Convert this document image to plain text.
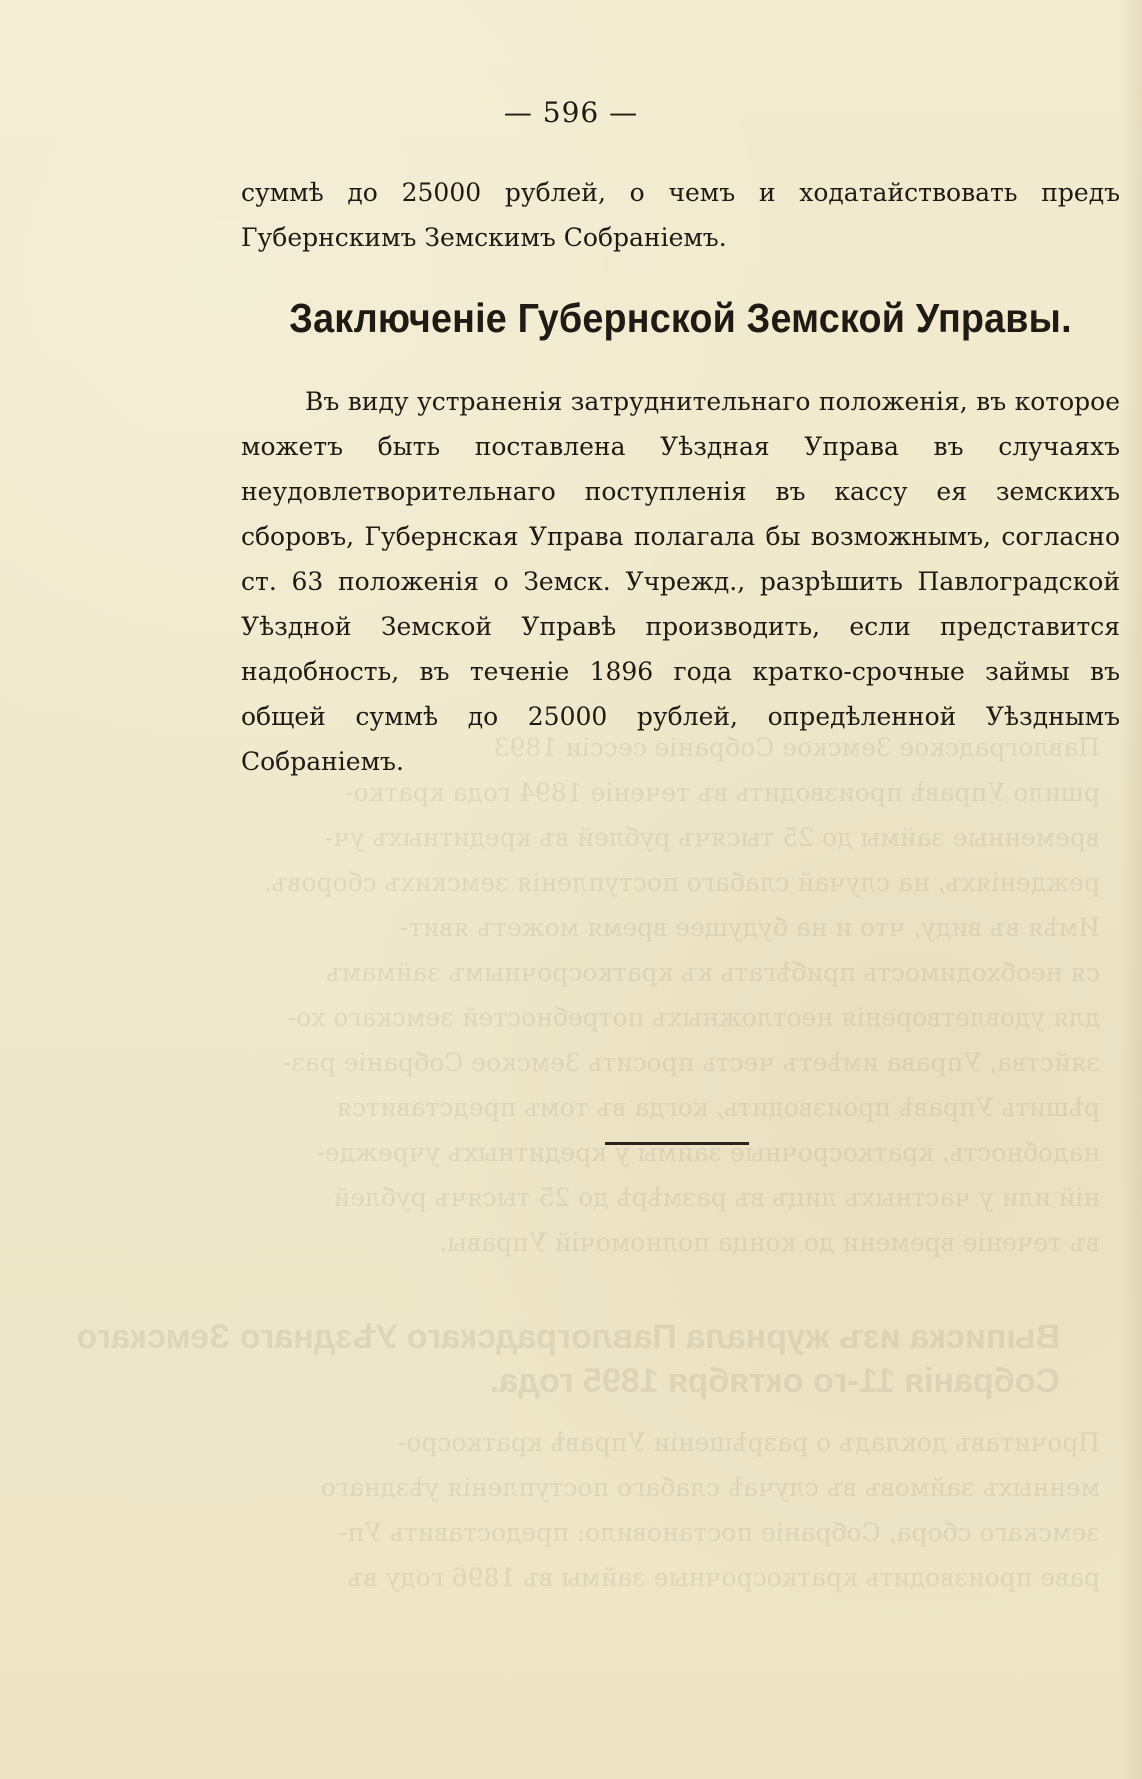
Павлоградское Земское Собраніе сессіи 1893
ршило Управѣ производить въ теченіе 1894 года кратко-
временные займы до 25 тысячъ рублей въ кредитныхъ уч-
режденіяхъ, на случай слабаго поступленія земскихъ сборовъ.
Имѣя въ виду, что и на будущее время можетъ явит-
ся необходимость прибѣгать къ краткосрочнымъ займамъ
для удовлетворенія неотложныхъ потребностей земскаго хо-
зяйства, Управа имѣетъ честь просить Земское Собраніе раз-
рѣшить Управѣ производить, когда въ томъ представится
надобность, краткосрочные займы у кредитныхъ учрежде-
ній или у частныхъ лицъ въ размѣрѣ до 25 тысячъ рублей
въ теченіе времени до конца полномочій Управы.
Выписка изъ журнала Павлоградскаго Уѣзднаго Земскаго
Собранія 11-го октября 1895 года.
Прочитавъ докладъ о разрѣшеніи Управѣ краткосро-
менныхъ займовъ въ случаѣ слабаго поступленія уѣзднаго
земскаго сбора, Собраніе постановило: предоставить Уп-
раве производить краткосрочные займы въ 1896 году въ
— 596 —

суммѣ до 25000 рублей, о чемъ и ходатайствовать предъ Губернскимъ Земскимъ Собраніемъ.

Заключеніе Губернской Земской Управы.

Въ виду устраненія затруднительнаго положенія, въ которое можетъ быть поставлена Уѣздная Управа въ случаяхъ неудовлетворительнаго поступленія въ кассу ея земскихъ сборовъ, Губернская Управа полагала бы возможнымъ, согласно ст. 63 положенія о Земск. Учрежд., разрѣшить Павлоградской Уѣздной Земской Управѣ производить, если представится надобность, въ теченіе 1896 года кратко-срочные займы въ общей суммѣ до 25000 рублей, опредѣленной Уѣзднымъ Собраніемъ.
